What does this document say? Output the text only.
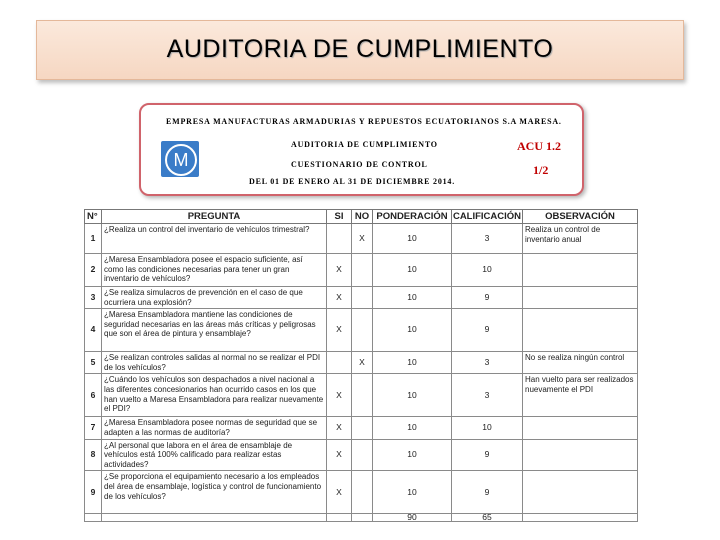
AUDITORIA DE CUMPLIMIENTO
EMPRESA MANUFACTURAS ARMADURIAS Y REPUESTOS ECUATORIANOS S.A MARESA.
M
AUDITORIA DE CUMPLIMIENTO
CUESTIONARIO DE CONTROL
DEL 01 DE ENERO AL 31 DE DICIEMBRE 2014.
ACU 1.2
1/2
N°	PREGUNTA	SI	NO	PONDERACIÓN	CALIFICACIÓN	OBSERVACIÓN
1	¿Realiza un control del inventario de vehículos trimestral?		X	10	3	Realiza un control de inventario anual
2	¿Maresa Ensambladora posee el espacio suficiente, así como las condiciones necesarias para tener un gran inventario de vehículos?	X		10	10	
3	¿Se realiza simulacros de prevención en el caso de que ocurriera una explosión?	X		10	9	
4	¿Maresa Ensambladora mantiene las condiciones de seguridad necesarias en las áreas más críticas y peligrosas que son el área de pintura y ensamblaje?	X		10	9	
5	¿Se realizan controles salidas al normal no se realizar el PDI de los vehículos?		X	10	3	No se realiza ningún control
6	¿Cuándo los vehículos son despachados a nivel nacional a las diferentes concesionarios han ocurrido casos en los que han vuelto a Maresa Ensambladora para realizar nuevamente el PDI?	X		10	3	Han vuelto para ser realizados nuevamente el PDI
7	¿Maresa Ensambladora posee normas de seguridad que se adapten a las normas de auditoría?	X		10	10	
8	¿Al personal que labora en el área de ensamblaje de vehículos está 100% calificado para realizar estas actividades?	X		10	9	
9	¿Se proporciona el equipamiento necesario a los empleados del área de ensamblaje, logística y control de funcionamiento de los vehículos?	X		10	9	
				90	65	
